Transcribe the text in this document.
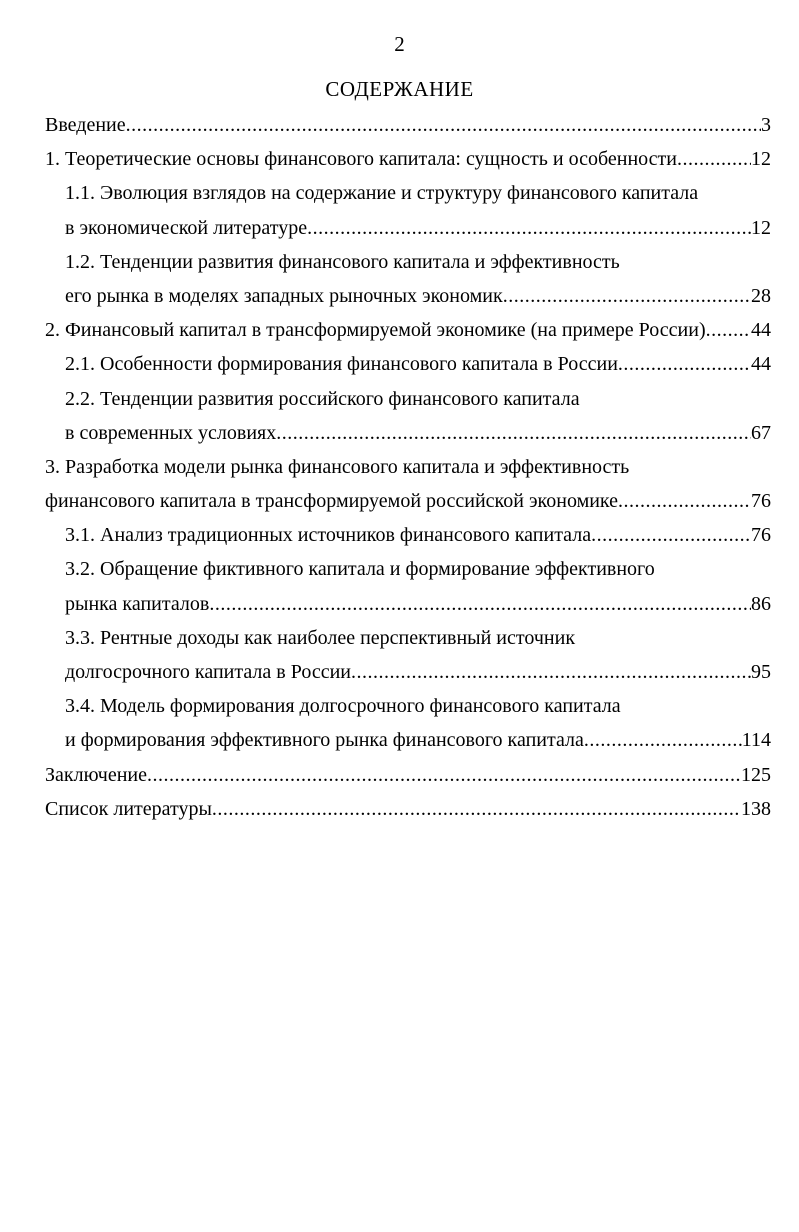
2
СОДЕРЖАНИЕ
Введение .....	3
1. Теоретические основы финансового капитала: сущность и особенности .....	12
1.1. Эволюция взглядов на содержание и структуру финансового капитала
в экономической литературе .....	12
1.2. Тенденции развития финансового капитала и эффективность
его рынка в моделях западных рыночных экономик .....	28
2. Финансовый капитал в трансформируемой экономике (на примере России) ..... 44
2.1. Особенности формирования финансового капитала в России .....	44
2.2. Тенденции развития российского финансового капитала
в современных условиях .....	67
3. Разработка модели рынка финансового капитала и эффективность
финансового капитала в трансформируемой российской экономике .....	76
3.1. Анализ традиционных источников финансового капитала .....	76
3.2. Обращение фиктивного капитала и формирование эффективного
рынка капиталов .....	86
3.3. Рентные доходы как наиболее перспективный источник
долгосрочного капитала в России .....	95
3.4. Модель формирования долгосрочного финансового капитала
и формирования эффективного рынка финансового капитала .....	114
Заключение .....	125
Список литературы .....	138
